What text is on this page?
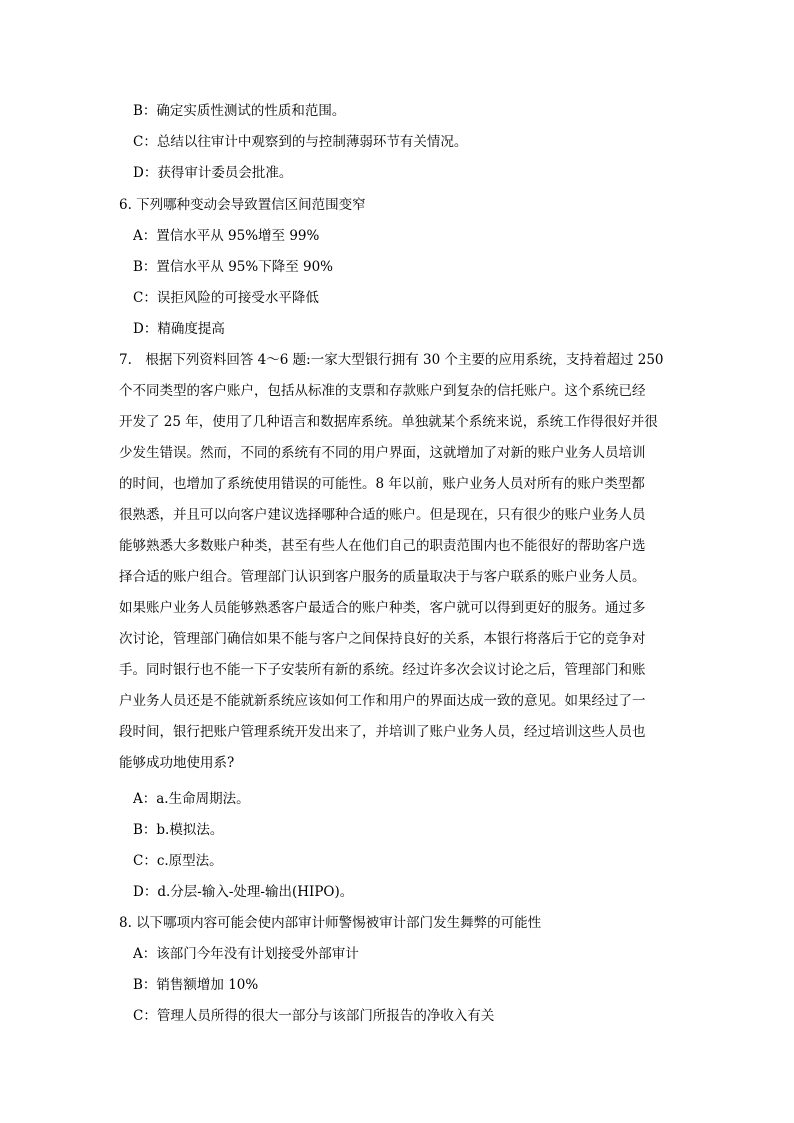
B：确定实质性测试的性质和范围。
C：总结以往审计中观察到的与控制薄弱环节有关情况。
D：获得审计委员会批准。
6. 下列哪种变动会导致置信区间范围变窄
A：置信水平从 95%增至 99%
B：置信水平从 95%下降至 90%
C：误拒风险的可接受水平降低
D：精确度提高
7.　根据下列资料回答 4～6 题:一家大型银行拥有 30 个主要的应用系统，支持着超过 250
个不同类型的客户账户，包括从标准的支票和存款账户到复杂的信托账户。这个系统已经
开发了 25 年，使用了几种语言和数据库系统。单独就某个系统来说，系统工作得很好并很
少发生错误。然而，不同的系统有不同的用户界面，这就增加了对新的账户业务人员培训
的时间，也增加了系统使用错误的可能性。8 年以前，账户业务人员对所有的账户类型都
很熟悉，并且可以向客户建议选择哪种合适的账户。但是现在，只有很少的账户业务人员
能够熟悉大多数账户种类，甚至有些人在他们自己的职责范围内也不能很好的帮助客户选
择合适的账户组合。管理部门认识到客户服务的质量取决于与客户联系的账户业务人员。
如果账户业务人员能够熟悉客户最适合的账户种类，客户就可以得到更好的服务。通过多
次讨论，管理部门确信如果不能与客户之间保持良好的关系，本银行将落后于它的竞争对
手。同时银行也不能一下子安装所有新的系统。经过许多次会议讨论之后，管理部门和账
户业务人员还是不能就新系统应该如何工作和用户的界面达成一致的意见。如果经过了一
段时间，银行把账户管理系统开发出来了，并培训了账户业务人员，经过培训这些人员也
能够成功地使用系?
A：a.生命周期法。
B：b.模拟法。
C：c.原型法。
D：d.分层-输入-处理-输出(HIPO)。
8. 以下哪项内容可能会使内部审计师警惕被审计部门发生舞弊的可能性
A：该部门今年没有计划接受外部审计
B：销售额增加 10%
C：管理人员所得的很大一部分与该部门所报告的净收入有关
